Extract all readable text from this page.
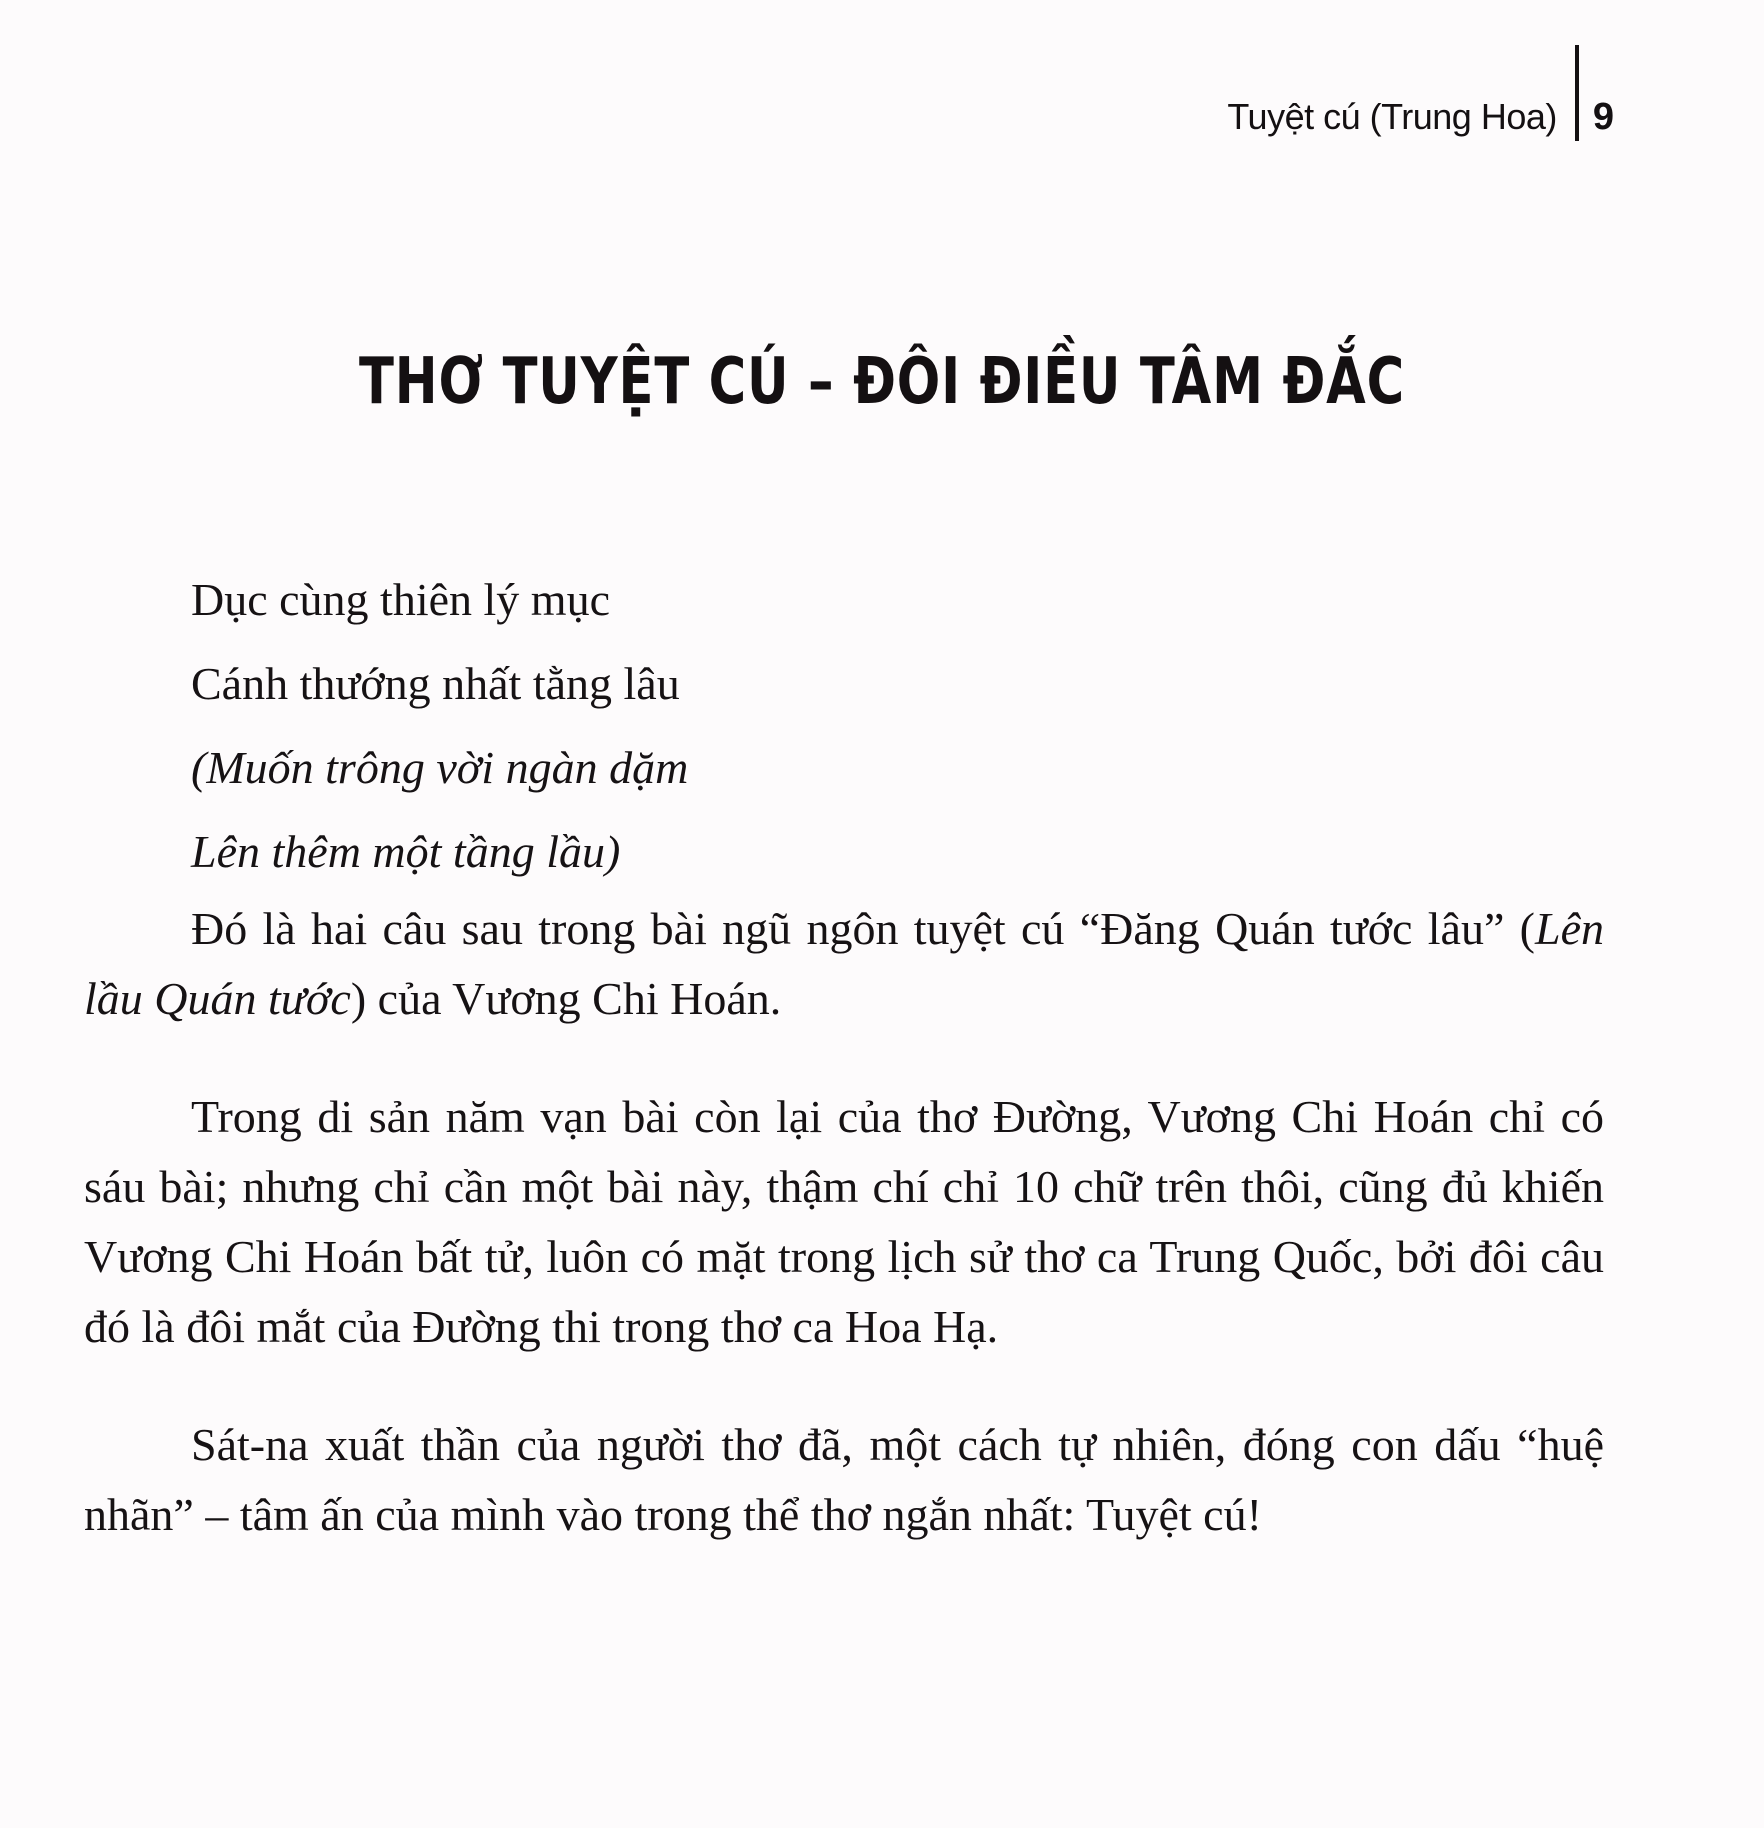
Tuyệt cú (Trung Hoa) 9
THƠ TUYỆT CÚ – ĐÔI ĐIỀU TÂM ĐẮC
Dục cùng thiên lý mục
Cánh thướng nhất tằng lâu
(Muốn trông vời ngàn dặm
Lên thêm một tầng lầu)

Đó là hai câu sau trong bài ngũ ngôn tuyệt cú “Đăng Quán tước lâu” (Lên lầu Quán tước) của Vương Chi Hoán.

Trong di sản năm vạn bài còn lại của thơ Đường, Vương Chi Hoán chỉ có sáu bài; nhưng chỉ cần một bài này, thậm chí chỉ 10 chữ trên thôi, cũng đủ khiến Vương Chi Hoán bất tử, luôn có mặt trong lịch sử thơ ca Trung Quốc, bởi đôi câu đó là đôi mắt của Đường thi trong thơ ca Hoa Hạ.

Sát-na xuất thần của người thơ đã, một cách tự nhiên, đóng con dấu “huệ nhãn” – tâm ấn của mình vào trong thể thơ ngắn nhất: Tuyệt cú!
